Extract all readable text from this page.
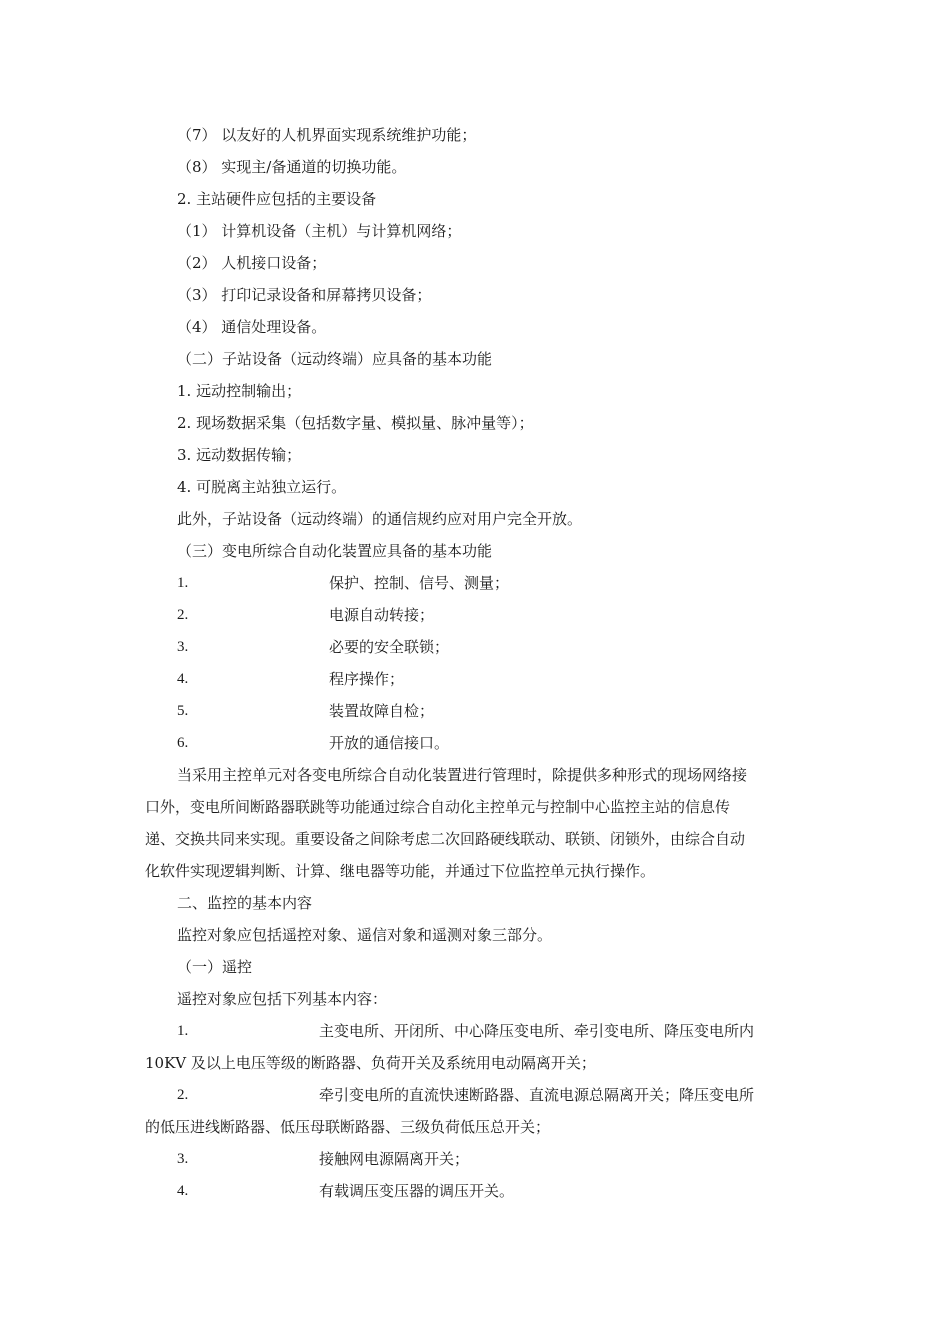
（7） 以友好的人机界面实现系统维护功能；
（8） 实现主/备通道的切换功能。
2. 主站硬件应包括的主要设备
（1） 计算机设备（主机）与计算机网络；
（2） 人机接口设备；
（3） 打印记录设备和屏幕拷贝设备；
（4） 通信处理设备。
（二）子站设备（远动终端）应具备的基本功能
1. 远动控制输出；
2. 现场数据采集（包括数字量、模拟量、脉冲量等）；
3. 远动数据传输；
4. 可脱离主站独立运行。
此外，子站设备（远动终端）的通信规约应对用户完全开放。
（三）变电所综合自动化装置应具备的基本功能
1.	保护、控制、信号、测量；
2.	电源自动转接；
3.	必要的安全联锁；
4.	程序操作；
5.	装置故障自检；
6.	开放的通信接口。
当采用主控单元对各变电所综合自动化装置进行管理时，除提供多种形式的现场网络接
口外，变电所间断路器联跳等功能通过综合自动化主控单元与控制中心监控主站的信息传
递、交换共同来实现。重要设备之间除考虑二次回路硬线联动、联锁、闭锁外，由综合自动
化软件实现逻辑判断、计算、继电器等功能，并通过下位监控单元执行操作。
二、监控的基本内容
监控对象应包括遥控对象、遥信对象和遥测对象三部分。
（一）遥控
遥控对象应包括下列基本内容：
1.	主变电所、开闭所、中心降压变电所、牵引变电所、降压变电所内
10KV 及以上电压等级的断路器、负荷开关及系统用电动隔离开关；
2.	牵引变电所的直流快速断路器、直流电源总隔离开关；降压变电所
的低压进线断路器、低压母联断路器、三级负荷低压总开关；
3.	接触网电源隔离开关；
4.	有载调压变压器的调压开关。
